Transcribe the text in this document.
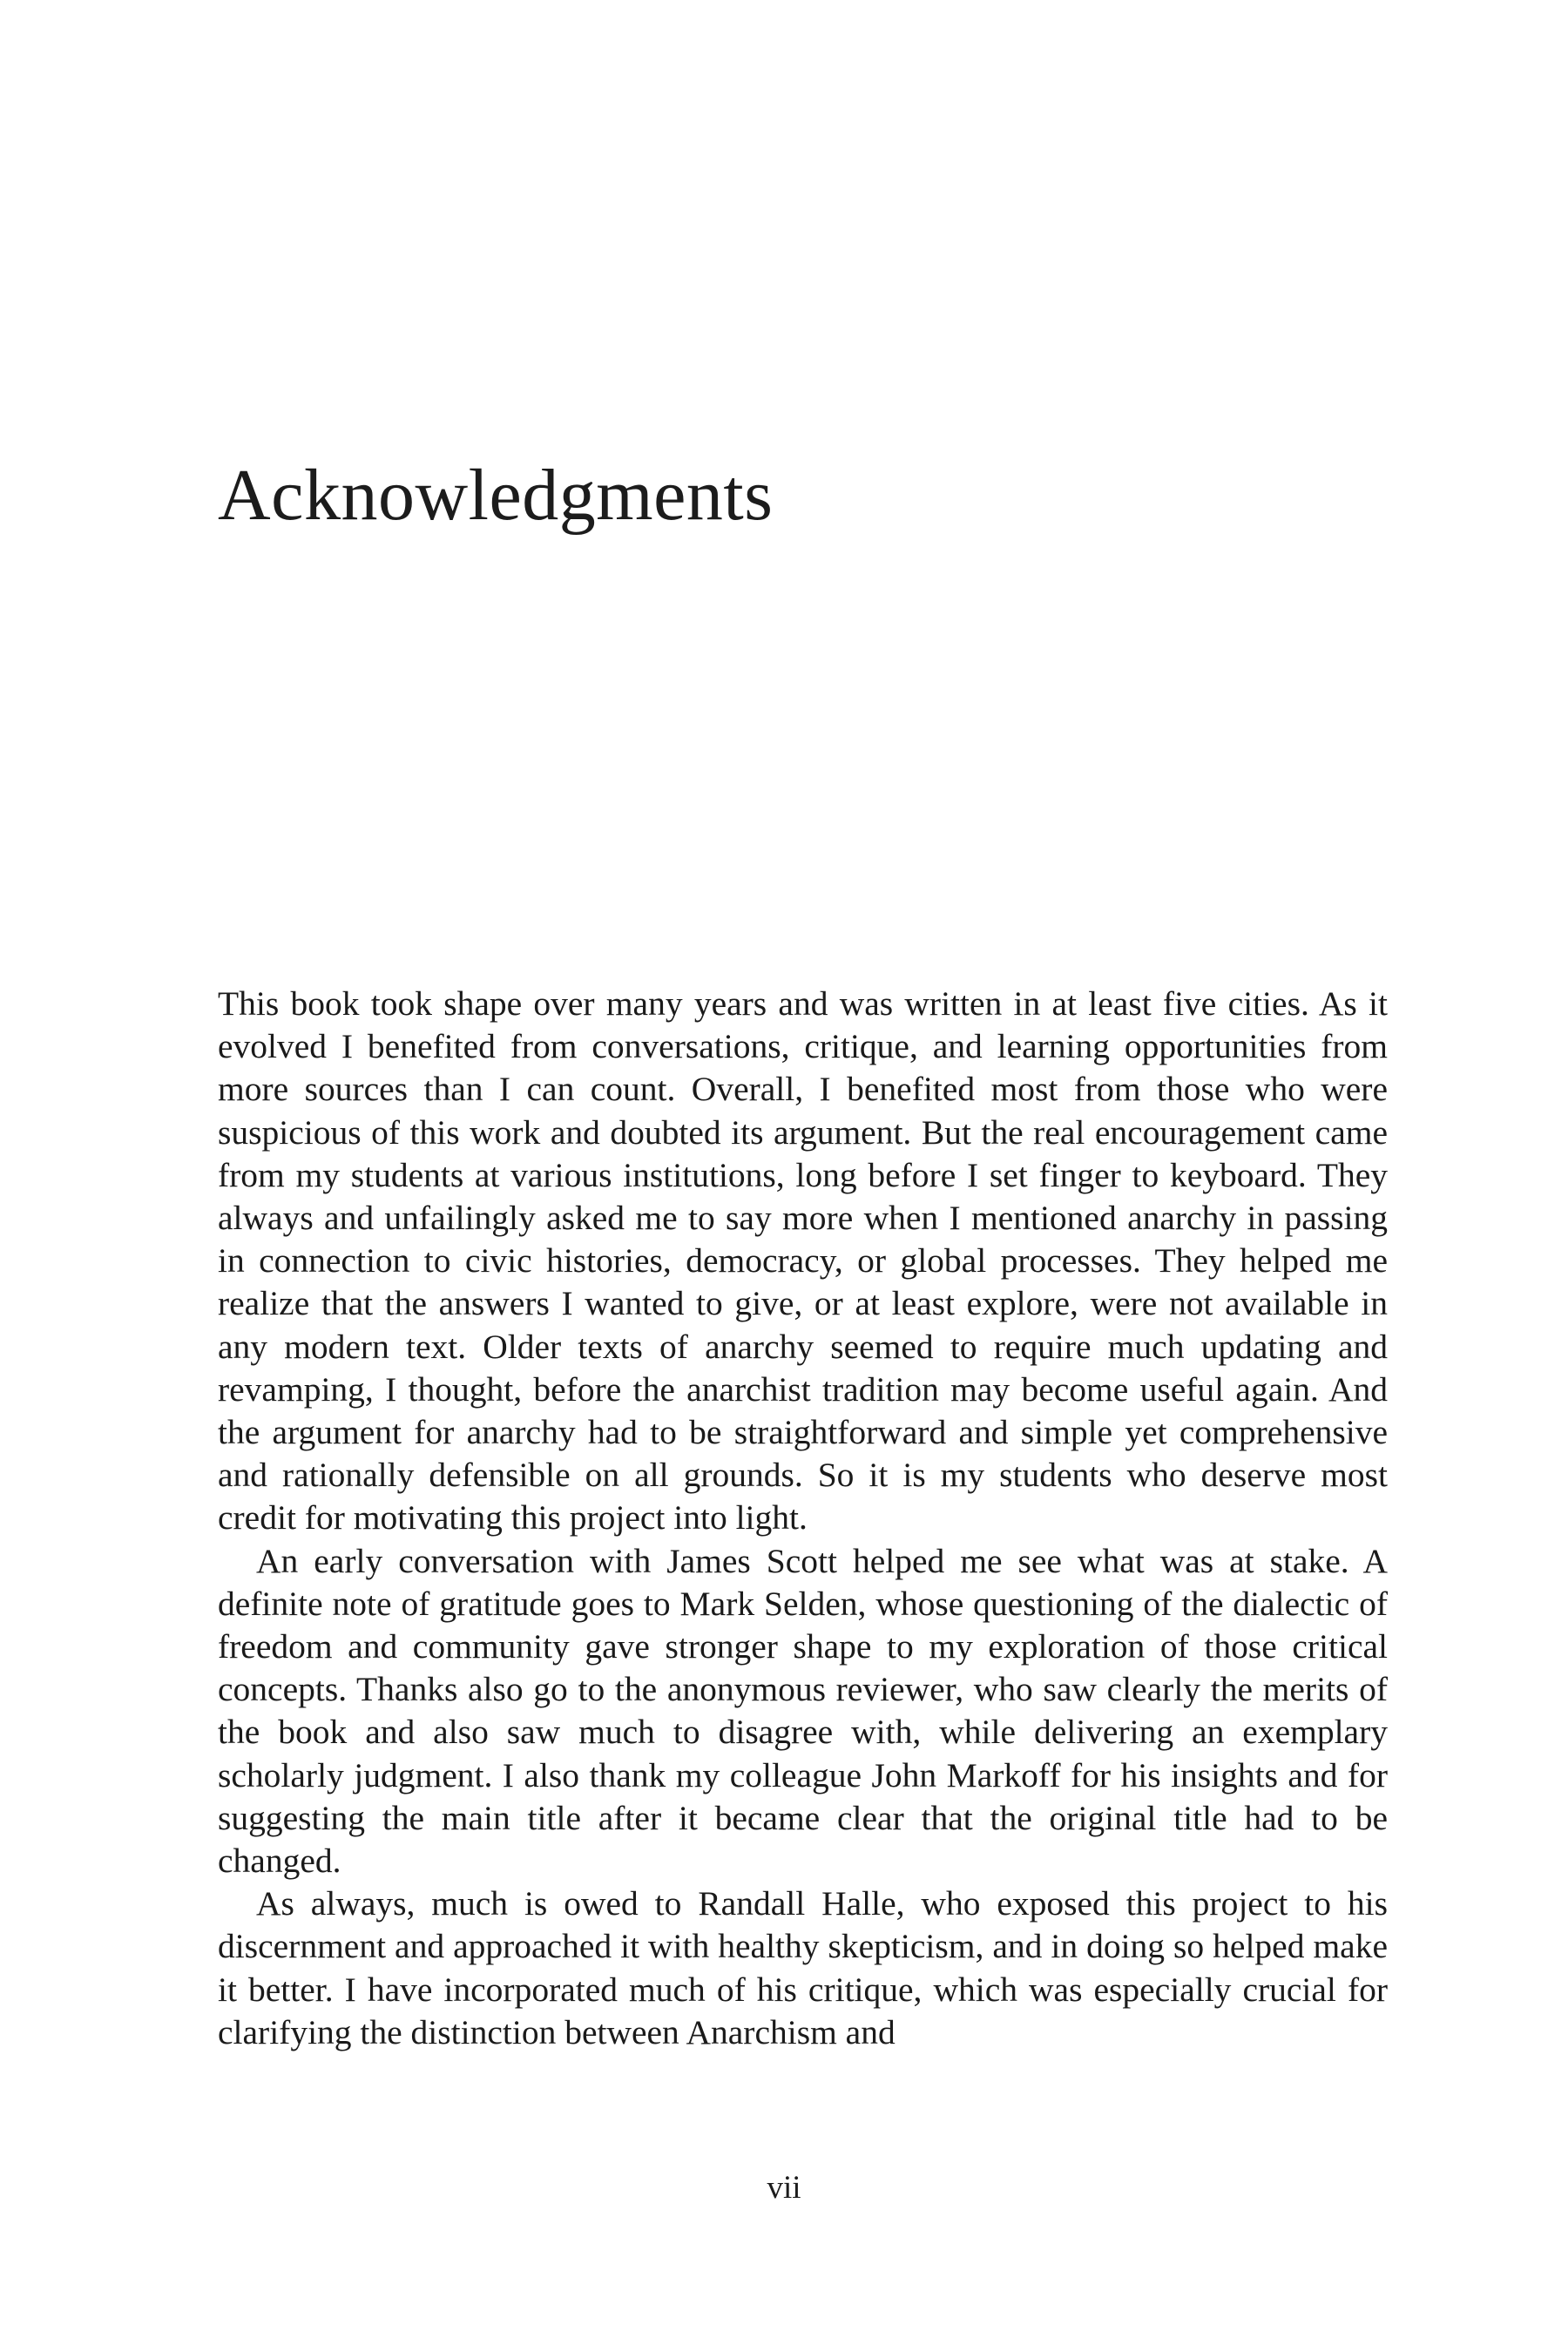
Acknowledgments

This book took shape over many years and was written in at least five cities. As it evolved I benefited from conversations, critique, and learning opportunities from more sources than I can count. Overall, I benefited most from those who were suspicious of this work and doubted its argument. But the real encouragement came from my students at various institutions, long before I set finger to keyboard. They always and unfailingly asked me to say more when I mentioned anarchy in passing in connection to civic histories, democracy, or global processes. They helped me realize that the answers I wanted to give, or at least explore, were not available in any modern text. Older texts of anarchy seemed to require much updating and revamping, I thought, before the anarchist tradition may become useful again. And the argument for anarchy had to be straightforward and simple yet comprehensive and rationally defensible on all grounds. So it is my students who deserve most credit for motivating this project into light.

An early conversation with James Scott helped me see what was at stake. A definite note of gratitude goes to Mark Selden, whose questioning of the dialectic of freedom and community gave stronger shape to my exploration of those critical concepts. Thanks also go to the anonymous reviewer, who saw clearly the merits of the book and also saw much to disagree with, while delivering an exemplary scholarly judgment. I also thank my colleague John Markoff for his insights and for suggesting the main title after it became clear that the original title had to be changed.

As always, much is owed to Randall Halle, who exposed this project to his discernment and approached it with healthy skepticism, and in doing so helped make it better. I have incorporated much of his critique, which was especially crucial for clarifying the distinction between Anarchism and

vii
